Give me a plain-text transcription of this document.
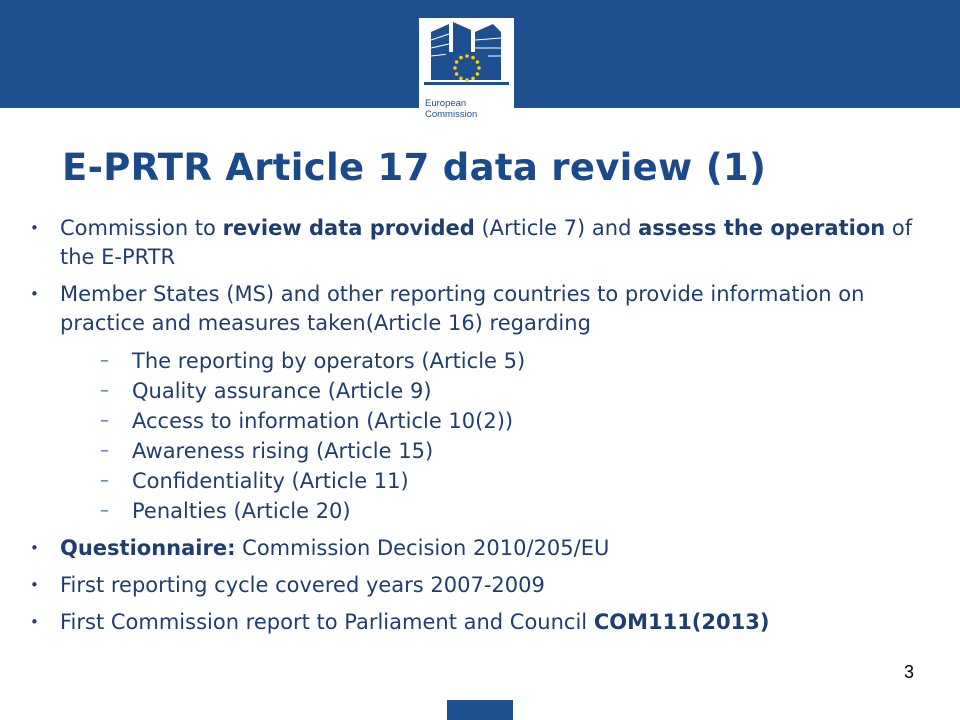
European
Commission
E-PRTR Article 17 data review (1)
•	Commission to review data provided (Article 7) and assess the operation of the E-PRTR
•	Member States (MS) and other reporting countries to provide information on practice and measures taken(Article 16) regarding
– The reporting by operators (Article 5)
– Quality assurance (Article 9)
– Access to information (Article 10(2))
– Awareness rising (Article 15)
– Confidentiality (Article 11)
– Penalties (Article 20)
•	Questionnaire: Commission Decision 2010/205/EU
•	First reporting cycle covered years 2007-2009
•	First Commission report to Parliament and Council COM111(2013)
3
